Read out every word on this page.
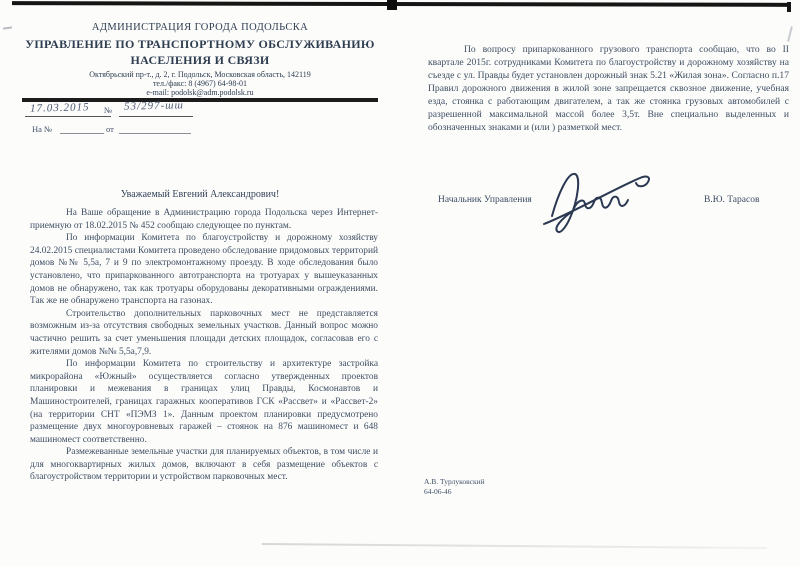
АДМИНИСТРАЦИЯ ГОРОДА ПОДОЛЬСКА
УПРАВЛЕНИЕ ПО ТРАНСПОРТНОМУ ОБСЛУЖИВАНИЮ
НАСЕЛЕНИЯ И СВЯЗИ
Октябрьский пр-т., д. 2, г. Подольск, Московская область, 142119
тел./факс: 8 (4967) 64-98-01
e-mail: podolsk@adm.podolsk.ru
17.03.2015 № 53/297-шш
На №	от
Уважаемый Евгений Александрович!

На Ваше обращение в Администрацию города Подольска через Интернет-приемную от 18.02.2015 № 452 сообщаю следующее по пунктам.

По информации Комитета по благоустройству и дорожному хозяйству 24.02.2015 специалистами Комитета проведено обследование придомовых территорий домов №№ 5,5а, 7 и 9 по электромонтажному проезду. В ходе обследования было установлено, что припаркованного автотранспорта на тротуарах у вышеуказанных домов не обнаружено, так как тротуары оборудованы декоративными ограждениями. Так же не обнаружено транспорта на газонах.

Строительство дополнительных парковочных мест не представляется возможным из-за отсутствия свободных земельных участков. Данный вопрос можно частично решить за счет уменьшения площади детских площадок, согласовав его с жителями домов №№ 5,5а,7,9.

По информации Комитета по строительству и архитектуре застройка микрорайона «Южный» осуществляется согласно утвержденных проектов планировки и межевания в границах улиц Правды, Космонавтов и Машиностроителей, границах гаражных кооперативов ГСК «Рассвет» и «Рассвет-2» (на территории СНТ «ПЭМЗ 1». Данным проектом планировки предусмотрено размещение двух многоуровневых гаражей – стоянок на 876 машиномест и 648 машиномест соответственно.

Размежеванные земельные участки для планируемых объектов, в том числе и для многоквартирных жилых домов, включают в себя размещение объектов с благоустройством территории и устройством парковочных мест.

По вопросу припаркованного грузового транспорта сообщаю, что во II квартале 2015г. сотрудниками Комитета по благоустройству и дорожному хозяйству на съезде с ул. Правды будет установлен дорожный знак 5.21 «Жилая зона». Согласно п.17 Правил дорожного движения в жилой зоне запрещается сквозное движение, учебная езда, стоянка с работающим двигателем, а так же стоянка грузовых автомобилей с разрешенной максимальной массой более 3,5т. Вне специально выделенных и обозначенных знаками и (или ) разметкой мест.

Начальник Управления	В.Ю. Тарасов
А.В. Турлуковский
64-06-46
